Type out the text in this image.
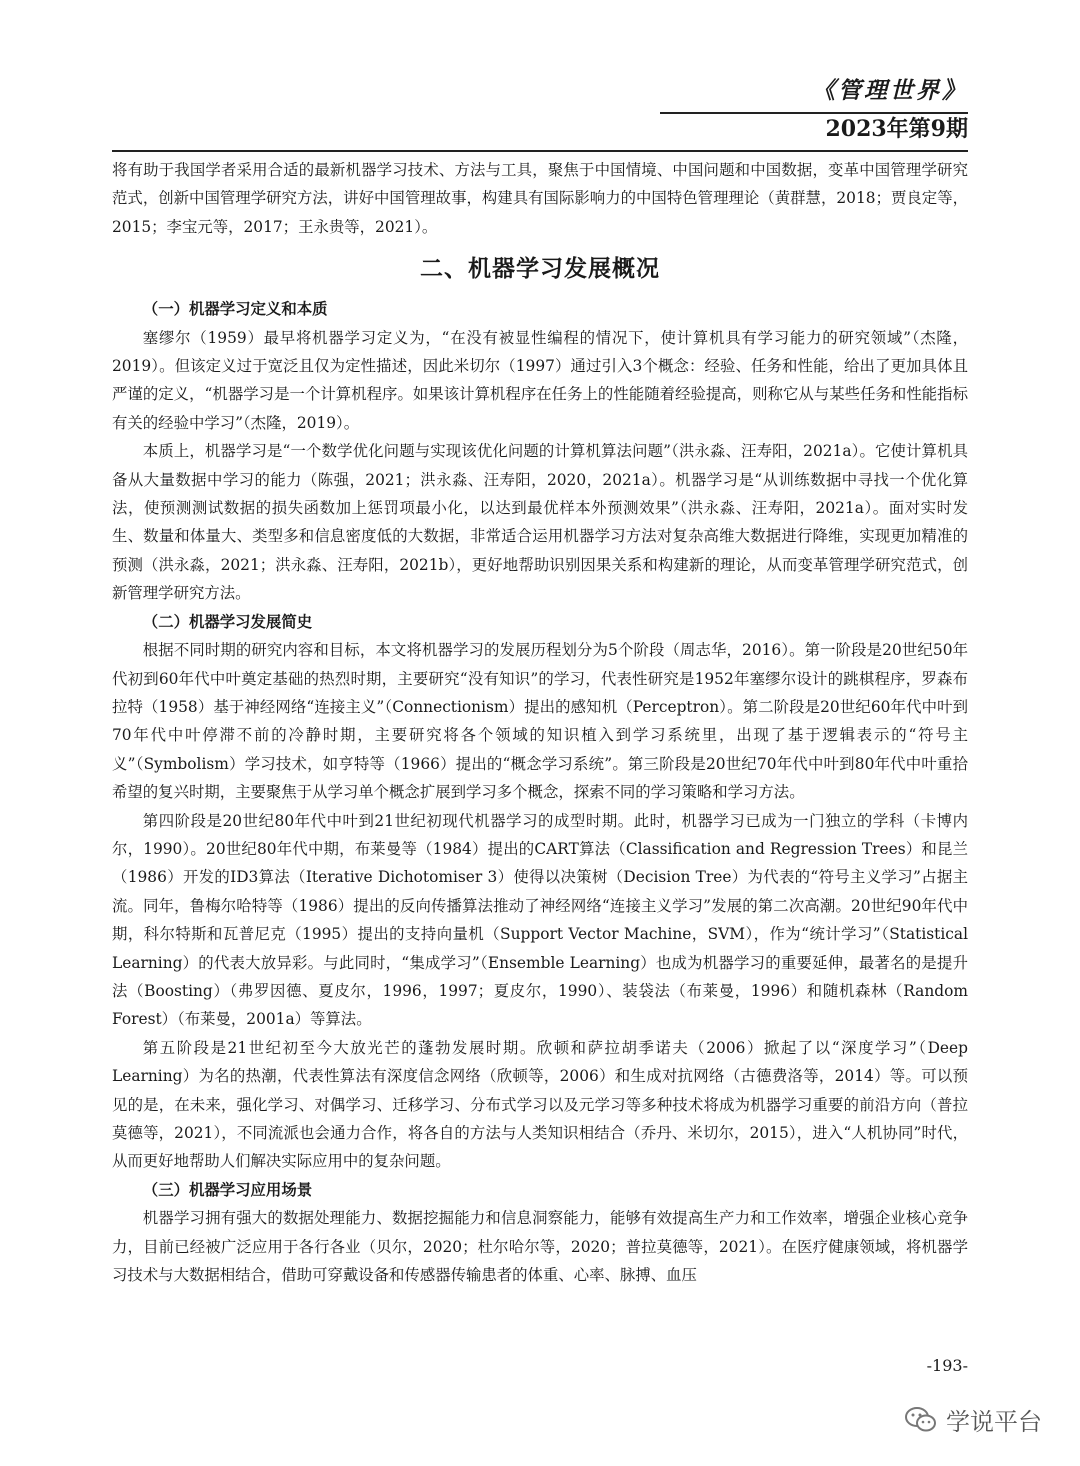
《管理世界》
2023年第9期

将有助于我国学者采用合适的最新机器学习技术、方法与工具，聚焦于中国情境、中国问题和中国数据，变革中国管理学研究范式，创新中国管理学研究方法，讲好中国管理故事，构建具有国际影响力的中国特色管理理论（黄群慧，2018；贾良定等，2015；李宝元等，2017；王永贵等，2021）。

二、机器学习发展概况

（一）机器学习定义和本质

塞缪尔（1959）最早将机器学习定义为，“在没有被显性编程的情况下，使计算机具有学习能力的研究领域”（杰隆，2019）。但该定义过于宽泛且仅为定性描述，因此米切尔（1997）通过引入3个概念：经验、任务和性能，给出了更加具体且严谨的定义，“机器学习是一个计算机程序。如果该计算机程序在任务上的性能随着经验提高，则称它从与某些任务和性能指标有关的经验中学习”（杰隆，2019）。

本质上，机器学习是“一个数学优化问题与实现该优化问题的计算机算法问题”（洪永淼、汪寿阳，2021a）。它使计算机具备从大量数据中学习的能力（陈强，2021；洪永淼、汪寿阳，2020，2021a）。机器学习是“从训练数据中寻找一个优化算法，使预测测试数据的损失函数加上惩罚项最小化，以达到最优样本外预测效果”（洪永淼、汪寿阳，2021a）。面对实时发生、数量和体量大、类型多和信息密度低的大数据，非常适合运用机器学习方法对复杂高维大数据进行降维，实现更加精准的预测（洪永淼，2021；洪永淼、汪寿阳，2021b），更好地帮助识别因果关系和构建新的理论，从而变革管理学研究范式，创新管理学研究方法。

（二）机器学习发展简史

根据不同时期的研究内容和目标，本文将机器学习的发展历程划分为5个阶段（周志华，2016）。第一阶段是20世纪50年代初到60年代中叶奠定基础的热烈时期，主要研究“没有知识”的学习，代表性研究是1952年塞缪尔设计的跳棋程序，罗森布拉特（1958）基于神经网络“连接主义”（Connectionism）提出的感知机（Perceptron）。第二阶段是20世纪60年代中叶到70年代中叶停滞不前的冷静时期，主要研究将各个领域的知识植入到学习系统里，出现了基于逻辑表示的“符号主义”（Symbolism）学习技术，如亨特等（1966）提出的“概念学习系统”。第三阶段是20世纪70年代中叶到80年代中叶重拾希望的复兴时期，主要聚焦于从学习单个概念扩展到学习多个概念，探索不同的学习策略和学习方法。

第四阶段是20世纪80年代中叶到21世纪初现代机器学习的成型时期。此时，机器学习已成为一门独立的学科（卡博内尔，1990）。20世纪80年代中期，布莱曼等（1984）提出的CART算法（Classification and Regression Trees）和昆兰（1986）开发的ID3算法（Iterative Dichotomiser 3）使得以决策树（Decision Tree）为代表的“符号主义学习”占据主流。同年，鲁梅尔哈特等（1986）提出的反向传播算法推动了神经网络“连接主义学习”发展的第二次高潮。20世纪90年代中期，科尔特斯和瓦普尼克（1995）提出的支持向量机（Support Vector Machine，SVM），作为“统计学习”（Statistical Learning）的代表大放异彩。与此同时，“集成学习”（Ensemble Learning）也成为机器学习的重要延伸，最著名的是提升法（Boosting）（弗罗因德、夏皮尔，1996，1997；夏皮尔，1990）、装袋法（布莱曼，1996）和随机森林（Random Forest）（布莱曼，2001a）等算法。

第五阶段是21世纪初至今大放光芒的蓬勃发展时期。欣顿和萨拉胡季诺夫（2006）掀起了以“深度学习”（Deep Learning）为名的热潮，代表性算法有深度信念网络（欣顿等，2006）和生成对抗网络（古德费洛等，2014）等。可以预见的是，在未来，强化学习、对偶学习、迁移学习、分布式学习以及元学习等多种技术将成为机器学习重要的前沿方向（普拉莫德等，2021），不同流派也会通力合作，将各自的方法与人类知识相结合（乔丹、米切尔，2015），进入“人机协同”时代，从而更好地帮助人们解决实际应用中的复杂问题。

（三）机器学习应用场景

机器学习拥有强大的数据处理能力、数据挖掘能力和信息洞察能力，能够有效提高生产力和工作效率，增强企业核心竞争力，目前已经被广泛应用于各行各业（贝尔，2020；杜尔哈尔等，2020；普拉莫德等，2021）。在医疗健康领域，将机器学习技术与大数据相结合，借助可穿戴设备和传感器传输患者的体重、心率、脉搏、血压

-193-
学说平台
